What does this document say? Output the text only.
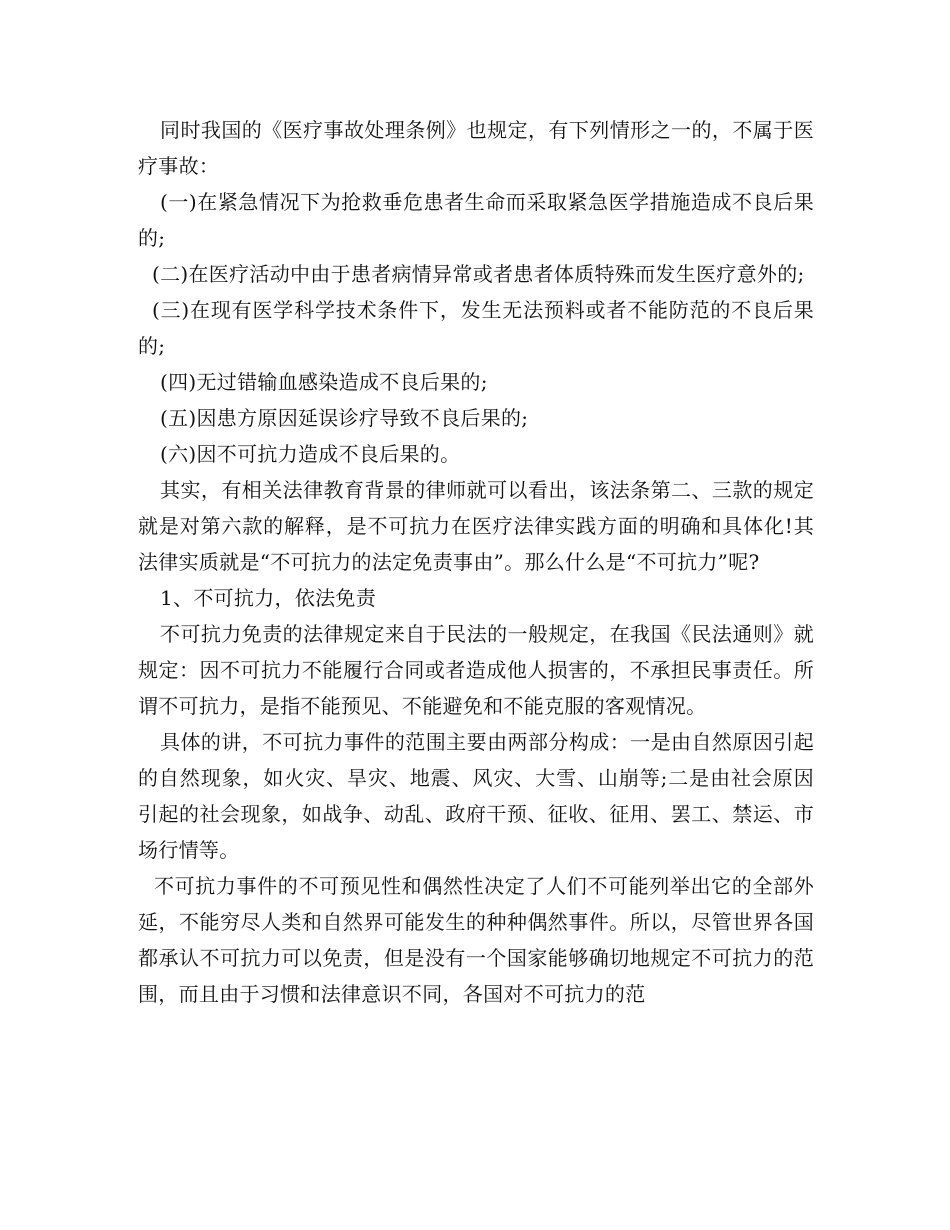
同时我国的《医疗事故处理条例》也规定，有下列情形之一的，不属于医疗事故：

(一)在紧急情况下为抢救垂危患者生命而采取紧急医学措施造成不良后果的;

(二)在医疗活动中由于患者病情异常或者患者体质特殊而发生医疗意外的;

(三)在现有医学科学技术条件下，发生无法预料或者不能防范的不良后果的;

(四)无过错输血感染造成不良后果的;

(五)因患方原因延误诊疗导致不良后果的;

(六)因不可抗力造成不良后果的。

其实，有相关法律教育背景的律师就可以看出，该法条第二、三款的规定就是对第六款的解释，是不可抗力在医疗法律实践方面的明确和具体化!其法律实质就是“不可抗力的法定免责事由”。那么什么是“不可抗力”呢?

1、不可抗力，依法免责

不可抗力免责的法律规定来自于民法的一般规定，在我国《民法通则》就规定：因不可抗力不能履行合同或者造成他人损害的，不承担民事责任。所谓不可抗力，是指不能预见、不能避免和不能克服的客观情况。

具体的讲，不可抗力事件的范围主要由两部分构成：一是由自然原因引起的自然现象，如火灾、旱灾、地震、风灾、大雪、山崩等;二是由社会原因引起的社会现象，如战争、动乱、政府干预、征收、征用、罢工、禁运、市场行情等。

不可抗力事件的不可预见性和偶然性决定了人们不可能列举出它的全部外延，不能穷尽人类和自然界可能发生的种种偶然事件。所以，尽管世界各国都承认不可抗力可以免责，但是没有一个国家能够确切地规定不可抗力的范围，而且由于习惯和法律意识不同，各国对不可抗力的范
